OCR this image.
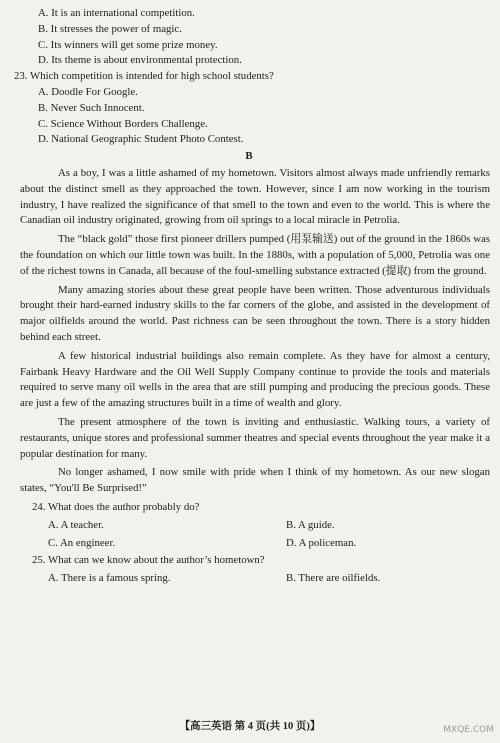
A. It is an international competition.
B. It stresses the power of magic.
C. Its winners will get some prize money.
D. Its theme is about environmental protection.
23. Which competition is intended for high school students?
A. Doodle For Google.
B. Never Such Innocent.
C. Science Without Borders Challenge.
D. National Geographic Student Photo Contest.
B

As a boy, I was a little ashamed of my hometown. Visitors almost always made unfriendly remarks about the distinct smell as they approached the town. However, since I am now working in the tourism industry, I have realized the significance of that smell to the town and even to the world. This is where the Canadian oil industry originated, growing from oil springs to a local miracle in Petrolia.

The “black gold” those first pioneer drillers pumped (用泵输送) out of the ground in the 1860s was the foundation on which our little town was built. In the 1880s, with a population of 5,000, Petrolia was one of the richest towns in Canada, all because of the foul-smelling substance extracted (提取) from the ground.

Many amazing stories about these great people have been written. Those adventurous individuals brought their hard-earned industry skills to the far corners of the globe, and assisted in the development of major oilfields around the world. Past richness can be seen throughout the town. There is a story hidden behind each street.

A few historical industrial buildings also remain complete. As they have for almost a century, Fairbank Heavy Hardware and the Oil Well Supply Company continue to provide the tools and materials required to serve many oil wells in the area that are still pumping and producing the precious goods. These are just a few of the amazing structures built in a time of wealth and glory.

The present atmosphere of the town is inviting and enthusiastic. Walking tours, a variety of restaurants, unique stores and professional summer theatres and special events throughout the year make it a popular destination for many.

No longer ashamed, I now smile with pride when I think of my hometown. As our new slogan states, “You'll Be Surprised!”

24. What does the author probably do?
A. A teacher.	B. A guide.
C. An engineer.	D. A policeman.
25. What can we know about the author’s hometown?
A. There is a famous spring.	B. There are oilfields.
【高三英语 第 4 页(共 10 页)】	MXQE.COM
